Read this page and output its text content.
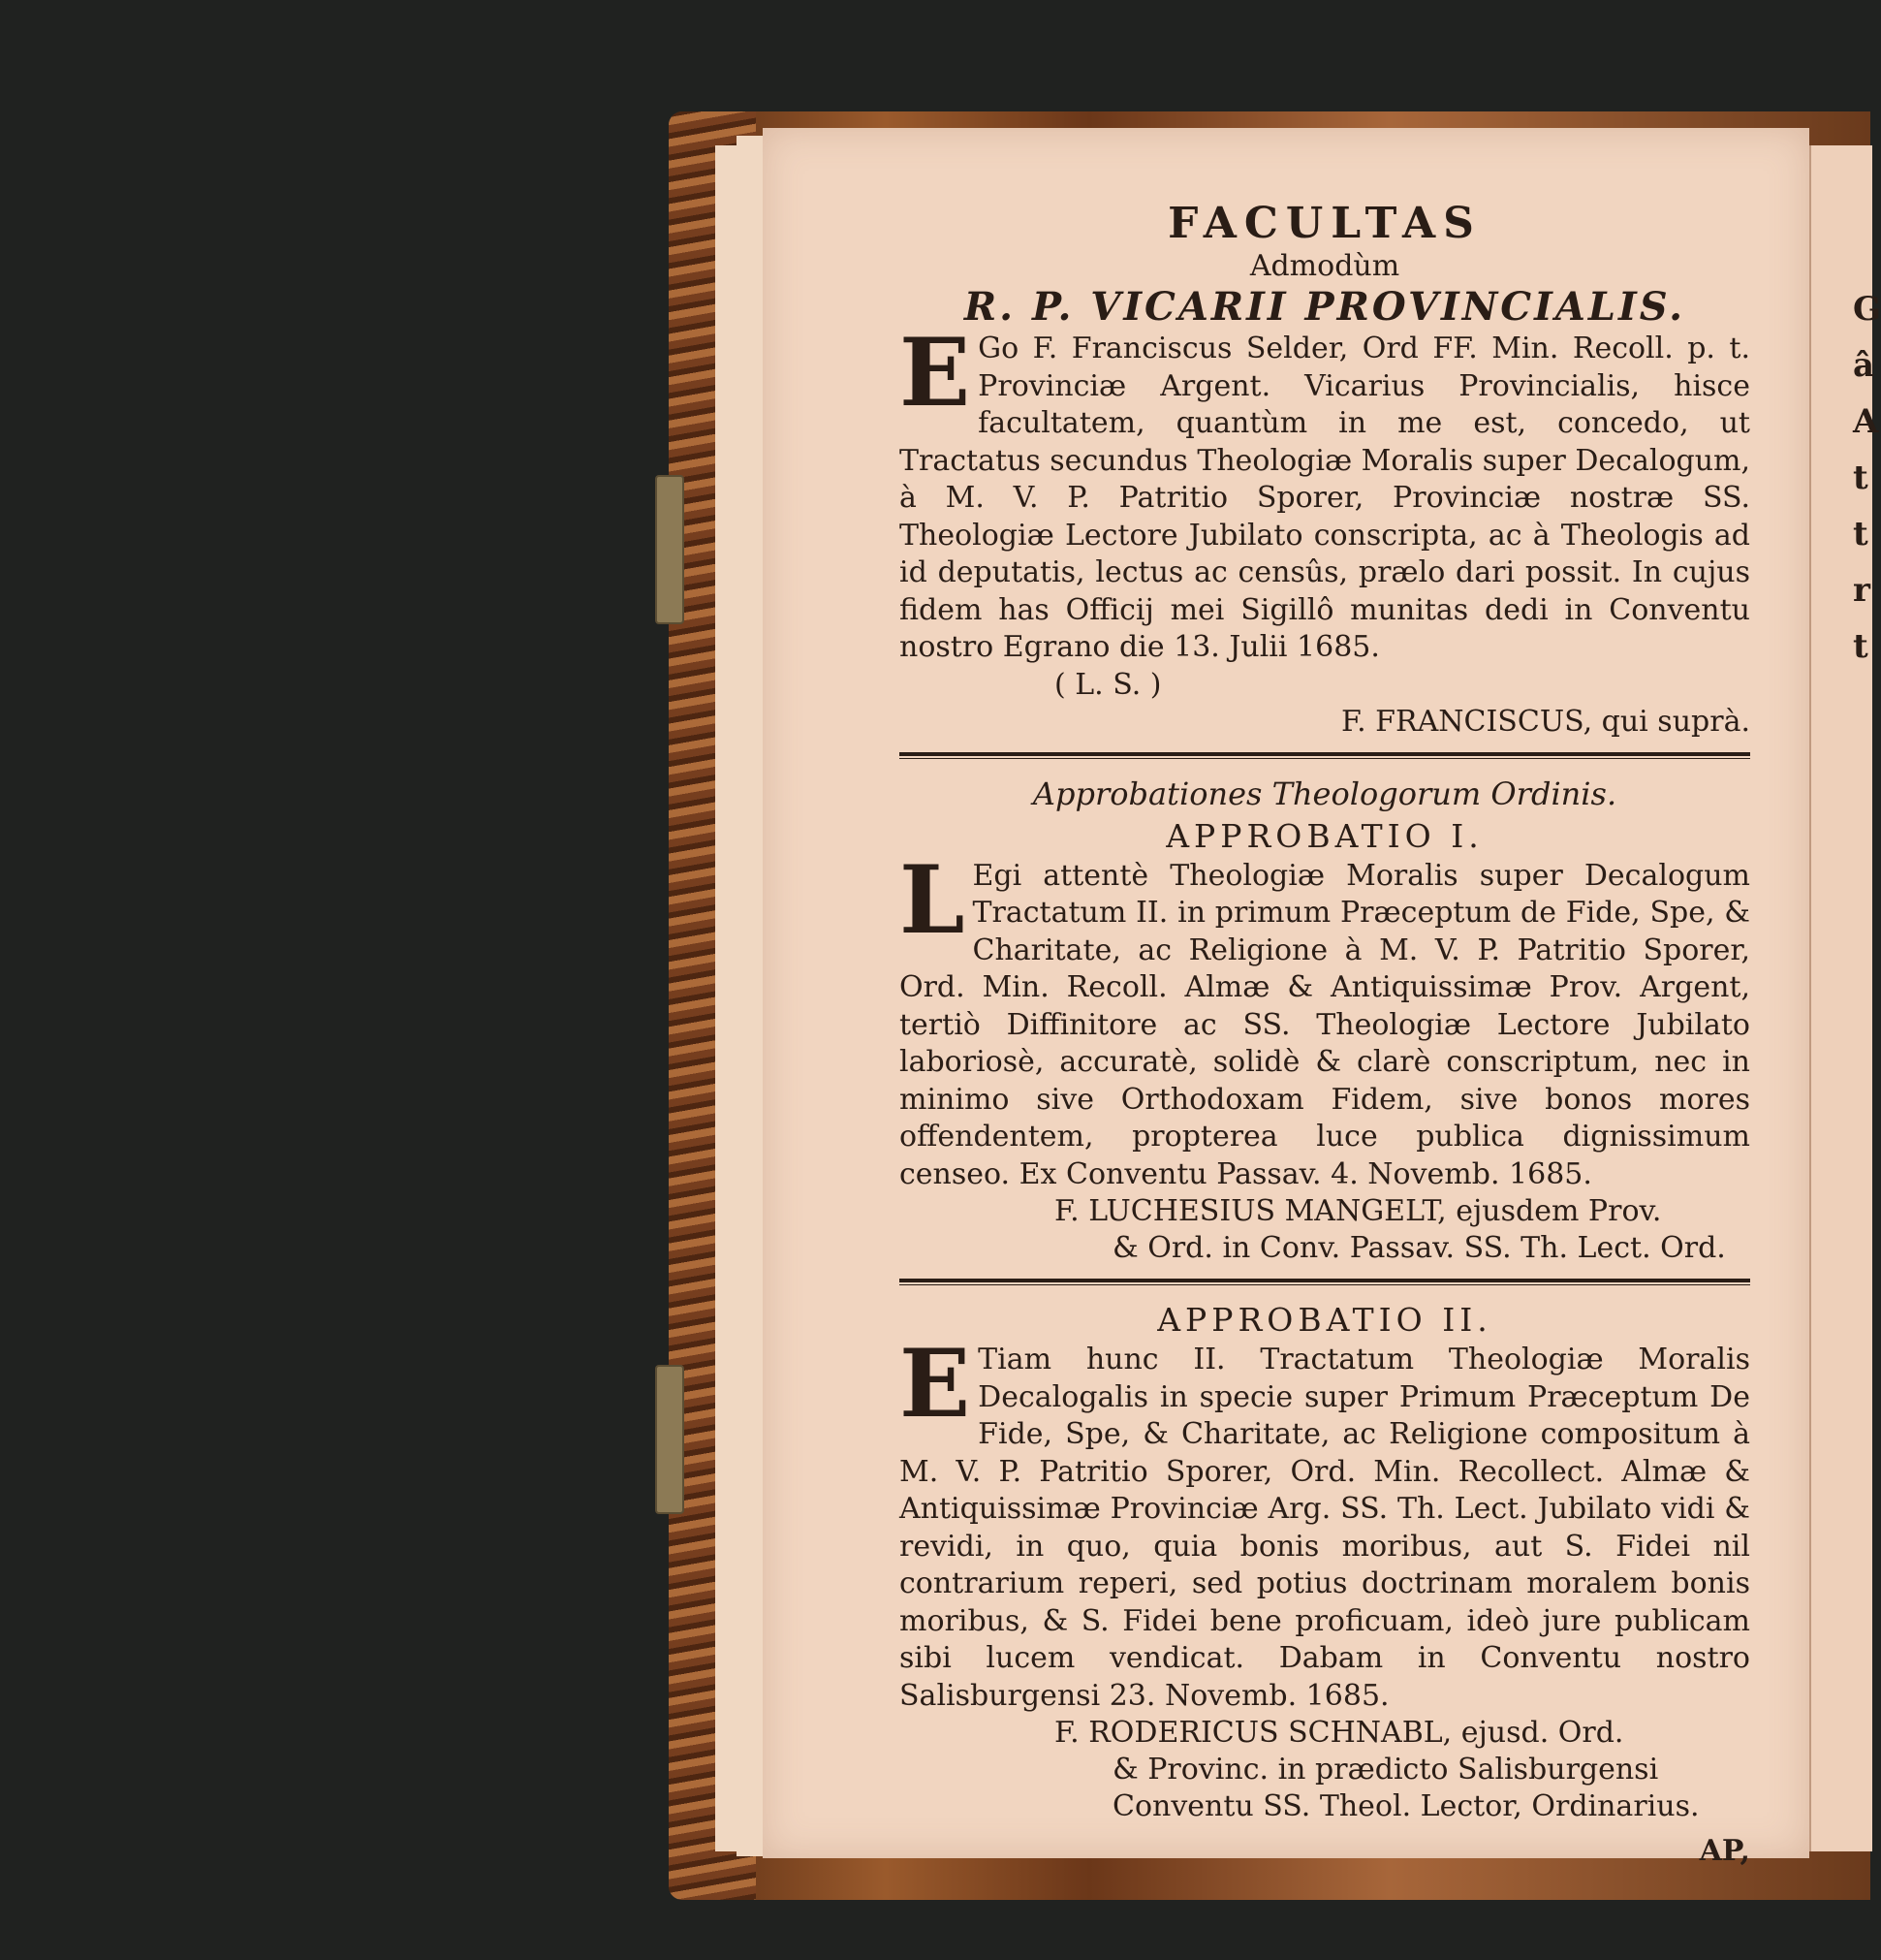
G
â
A
t
t
r
t
FACULTAS
Admodùm
R. P. VICARII PROVINCIALIS.

E Go F. Franciscus Selder, Ord FF. Min. Recoll. p. t. Provinciæ Argent. Vicarius Provincialis, hisce facultatem, quantùm in me est, concedo, ut Tractatus secundus Theologiæ Moralis super Decalogum, à M. V. P. Patritio Sporer, Provinciæ nostræ SS. Theologiæ Lectore Jubilato conscripta, ac à Theologis ad id deputatis, lectus ac censûs, prælo dari possit. In cujus fidem has Officij mei Sigillô munitas dedi in Conventu nostro Egrano die 13. Julii 1685.

( L. S. )
F. FRANCISCUS, qui suprà.
Approbationes Theologorum Ordinis.
APPROBATIO I.

L Egi attentè Theologiæ Moralis super Decalogum Tractatum II. in primum Præceptum de Fide, Spe, & Charitate, ac Religione à M. V. P. Patritio Sporer, Ord. Min. Recoll. Almæ & Antiquissimæ Prov. Argent, tertiò Diffinitore ac SS. Theologiæ Lectore Jubilato laboriosè, accuratè, solidè & clarè conscriptum, nec in minimo sive Orthodoxam Fidem, sive bonos mores offendentem, propterea luce publica dignissimum censeo. Ex Conventu Passav. 4. Novemb. 1685.

F. LUCHESIUS MANGELT, ejusdem Prov.
& Ord. in Conv. Passav. SS. Th. Lect. Ord.
APPROBATIO II.

E Tiam hunc II. Tractatum Theologiæ Moralis Decalogalis in specie super Primum Præceptum De Fide, Spe, & Charitate, ac Religione compositum à M. V. P. Patritio Sporer, Ord. Min. Recollect. Almæ & Antiquissimæ Provinciæ Arg. SS. Th. Lect. Jubilato vidi & revidi, in quo, quia bonis moribus, aut S. Fidei nil contrarium reperi, sed potius doctrinam moralem bonis moribus, & S. Fidei bene proficuam, ideò jure publicam sibi lucem vendicat. Dabam in Conventu nostro Salisburgensi 23. Novemb. 1685.

F. RODERICUS SCHNABL, ejusd. Ord.
& Provinc. in prædicto Salisburgensi Conventu SS. Theol. Lector, Ordinarius.
AP,
